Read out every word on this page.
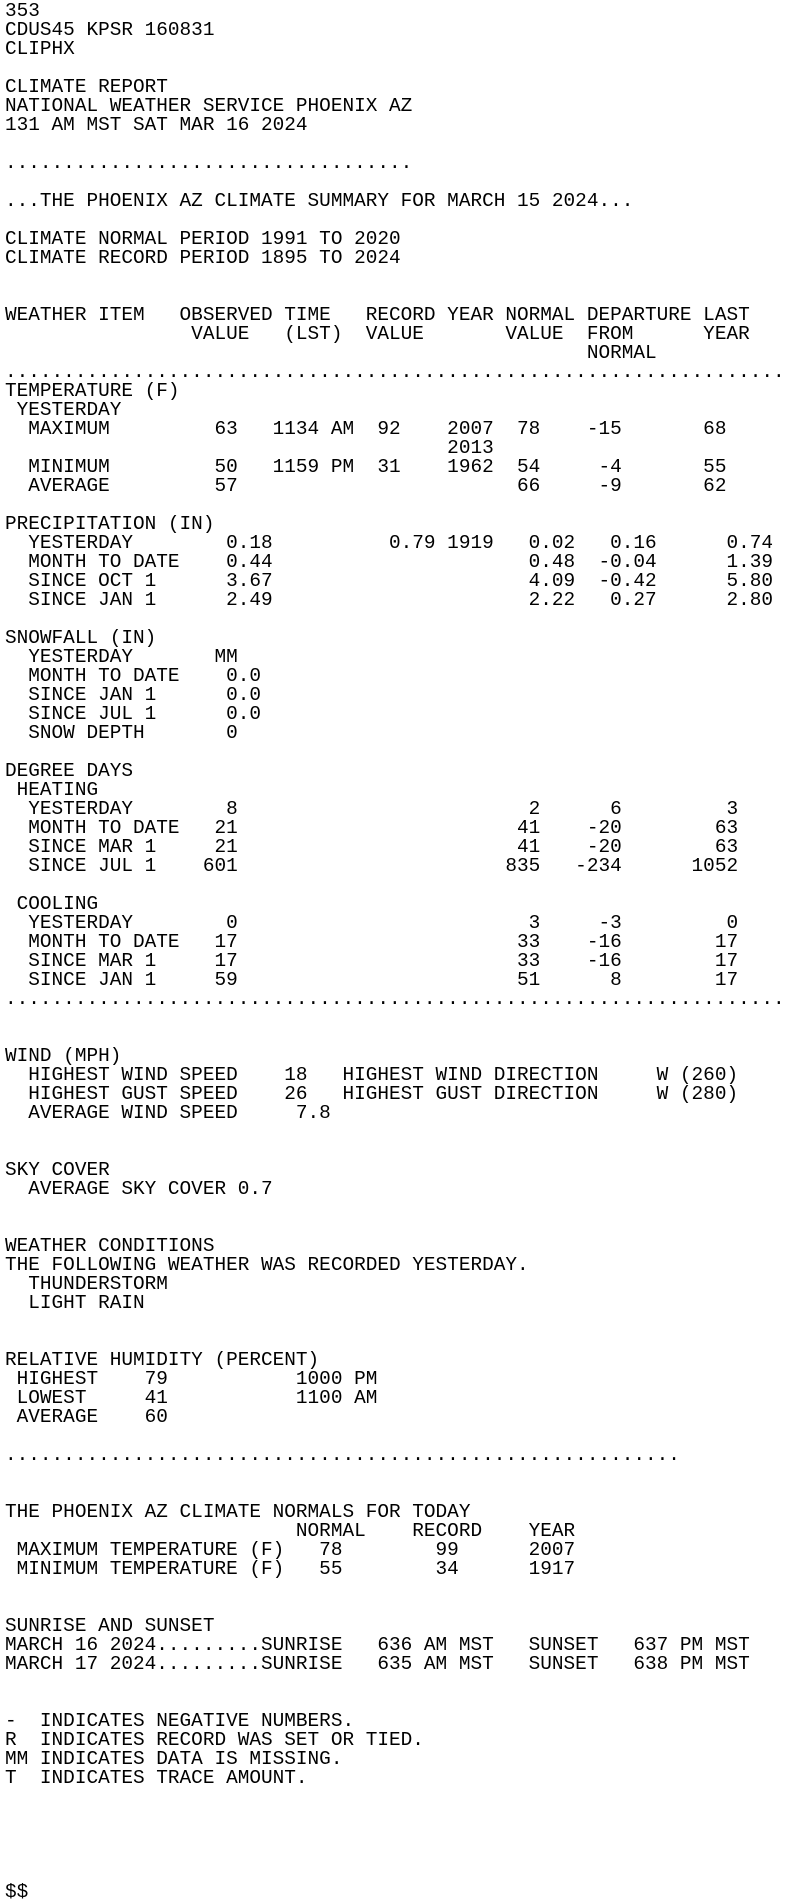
353
CDUS45 KPSR 160831
CLIPHX
CLIMATE REPORT
NATIONAL WEATHER SERVICE PHOENIX AZ
131 AM MST SAT MAR 16 2024
...................................
...THE PHOENIX AZ CLIMATE SUMMARY FOR MARCH 15 2024...
CLIMATE NORMAL PERIOD 1991 TO 2020
CLIMATE RECORD PERIOD 1895 TO 2024
WEATHER ITEM   OBSERVED TIME   RECORD YEAR NORMAL DEPARTURE LAST
VALUE   (LST)  VALUE       VALUE  FROM      YEAR
NORMAL
...................................................................
TEMPERATURE (F)
YESTERDAY
MAXIMUM         63   1134 AM  92    2007  78    -15       68
2013
MINIMUM         50   1159 PM  31    1962  54     -4       55
AVERAGE         57                        66     -9       62
PRECIPITATION (IN)
YESTERDAY        0.18          0.79 1919   0.02   0.16      0.74
MONTH TO DATE    0.44                      0.48  -0.04      1.39
SINCE OCT 1      3.67                      4.09  -0.42      5.80
SINCE JAN 1      2.49                      2.22   0.27      2.80
SNOWFALL (IN)
YESTERDAY       MM
MONTH TO DATE    0.0
SINCE JAN 1      0.0
SINCE JUL 1      0.0
SNOW DEPTH       0
DEGREE DAYS
HEATING
YESTERDAY        8                         2      6         3
MONTH TO DATE   21                        41    -20        63
SINCE MAR 1     21                        41    -20        63
SINCE JUL 1    601                       835   -234      1052
COOLING
YESTERDAY        0                         3     -3         0
MONTH TO DATE   17                        33    -16        17
SINCE MAR 1     17                        33    -16        17
SINCE JAN 1     59                        51      8        17
...................................................................
WIND (MPH)
HIGHEST WIND SPEED    18   HIGHEST WIND DIRECTION     W (260)
HIGHEST GUST SPEED    26   HIGHEST GUST DIRECTION     W (280)
AVERAGE WIND SPEED     7.8
SKY COVER
AVERAGE SKY COVER 0.7
WEATHER CONDITIONS
THE FOLLOWING WEATHER WAS RECORDED YESTERDAY.
THUNDERSTORM
LIGHT RAIN
RELATIVE HUMIDITY (PERCENT)
HIGHEST    79           1000 PM
LOWEST     41           1100 AM
AVERAGE    60
..........................................................
THE PHOENIX AZ CLIMATE NORMALS FOR TODAY
NORMAL    RECORD    YEAR
MAXIMUM TEMPERATURE (F)   78        99      2007
MINIMUM TEMPERATURE (F)   55        34      1917
SUNRISE AND SUNSET
MARCH 16 2024.........SUNRISE   636 AM MST   SUNSET   637 PM MST
MARCH 17 2024.........SUNRISE   635 AM MST   SUNSET   638 PM MST
-  INDICATES NEGATIVE NUMBERS.
R  INDICATES RECORD WAS SET OR TIED.
MM INDICATES DATA IS MISSING.
T  INDICATES TRACE AMOUNT.
$$
